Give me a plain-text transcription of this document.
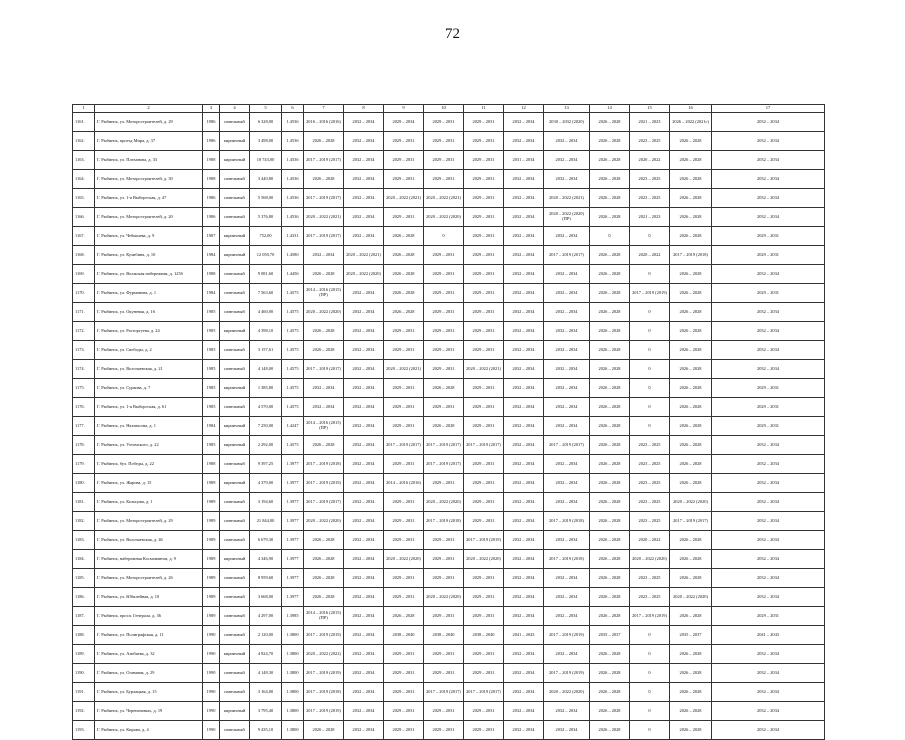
72
1	2	3	4	5	6	7	8	9	10	11	12	13	14	15	16	17
1161.	Г. Рыбинск, ул. Моторостроителей, д. 29	1986	панельный	6 328,00	1.4536	2016 – 2016 (2016)	2032 – 2034	2029 – 2034	2029 – 2031	2029 – 2031	2032 – 2034	2030 – 2032 (2020)	2026 – 2028	2021 – 2023	2026 – 2022 (2021г)	2032 – 2034
1162.	Г. Рыбинск, проезд Мира, д. 37	1986	кирпичный	3 498,00	1.4536	2026 – 2028	2032 – 2034	2029 – 2031	2029 – 2031	2029 – 2031	2032 – 2034	2032 – 2034	2026 – 2028	2023 – 2025	2026 – 2028	2032 – 2034
1163.	Г. Рыбинск, ул. Плеханова, д. 33	1988	кирпичный	10 743,00	1.4536	2017 – 2019 (2017)	2032 – 2034	2029 – 2031	2029 – 2031	2029 – 2031	2031 – 2034	2032 – 2034	2026 – 2028	2020 – 2022	2026 – 2028	2032 – 2034
1164.	Г. Рыбинск, ул. Моторостроителей, д. 30	1988	панельный	3 440,80	1.4536	2026 – 2028	2032 – 2034	2029 – 2031	2029 – 2031	2029 – 2031	2032 – 2034	2032 – 2034	2026 – 2028	2023 – 2025	2026 – 2028	2032 – 2034
1165.	Г. Рыбинск, ул. 1-я Выборгская, д. 47	1986	панельный	5 568,00	1.4536	2017 – 2019 (2017)	2032 – 2034	2020 – 2022 (2021)	2020 – 2022 (2021)	2029 – 2031	2032 – 2034	2020 – 2022 (2021)	2026 – 2028	2023 – 2025	2026 – 2028	2032 – 2034
1166.	Г. Рыбинск, ул. Моторостроителей, д. 20	1986	панельный	5 376,80	1.4536	2020 – 2022 (2021)	2032 – 2034	2029 – 2031	2020 – 2022 (2020)	2029 – 2031	2032 – 2034	2020 – 2022 (2020)(ПР)	2026 – 2028	2021 – 2023	2026 – 2028	2032 – 2034
1167.	Г. Рыбинск, ул. Чебышева, д. 9	1987	кирпичный	752,00	1.4331	2017 – 2019 (2017)	2032 – 2034	2026 – 2028	0	2029 – 2031	2032 – 2034	2032 – 2034	0	0	2026 – 2028	2029 – 2031
1168.	Г. Рыбинск, ул. Кулибина, д. 10	1984	кирпичный	12 050,70	1.4580	2032 – 2034	2020 – 2022 (2021)	2026 – 2028	2029 – 2031	2029 – 2031	2032 – 2034	2017 – 2019 (2017)	2026 – 2028	2020 – 2022	2017 – 2019 (2018)	2029 – 2031
1169.	Г. Рыбинск, ул. Волжская набережная, д. 125б	1988	панельный	9 081,60	1.4456	2026 – 2028	2020 – 2022 (2020)	2026 – 2028	2029 – 2031	2029 – 2031	2032 – 2034	2032 – 2034	2026 – 2028	0	2026 – 2028	2032 – 2034
1170.	Г. Рыбинск, ул. Фурманова, д. 1	1984	панельный	7 563,60	1.4575	2014 – 2016 (2015)(ПР)	2032 – 2034	2026 – 2028	2029 – 2031	2029 – 2031	2032 – 2034	2032 – 2034	2026 – 2028	2017 – 2019 (2019)	2026 – 2028	2029 – 2031
1171.	Г. Рыбинск, ул. Окуневая, д. 16	1985	панельный	4 460,00	1.4575	2020 – 2022 (2020)	2032 – 2034	2026 – 2028	2029 – 2031	2029 – 2031	2032 – 2034	2032 – 2034	2026 – 2028	0	2026 – 2028	2032 – 2034
1172.	Г. Рыбинск, ул. Расторгуева, д. 24	1985	кирпичный	4 398,10	1.4575	2026 – 2028	2032 – 2034	2029 – 2031	2029 – 2031	2029 – 2031	2032 – 2034	2032 – 2034	2026 – 2028	0	2026 – 2028	2032 – 2034
1173.	Г. Рыбинск, ул. Свободы, д. 2	1985	панельный	3 157,61	1.4575	2026 – 2028	2032 – 2034	2029 – 2031	2029 – 2031	2029 – 2031	2032 – 2034	2032 – 2034	2026 – 2028	0	2026 – 2028	2032 – 2034
1174.	Г. Рыбинск, ул. Волочаевская, д. 21	1985	панельный	4 148,00	1.4575	2017 – 2019 (2017)	2032 – 2034	2020 – 2022 (2021)	2029 – 2031	2020 – 2022 (2021)	2032 – 2034	2032 – 2034	2026 – 2028	0	2026 – 2028	2032 – 2034
1175.	Г. Рыбинск, ул. Суркова, д. 7	1985	кирпичный	1 385,80	1.4575	2032 – 2034	2032 – 2034	2029 – 2031	2026 – 2028	2029 – 2031	2032 – 2034	2032 – 2034	2026 – 2028	0	2026 – 2028	2029 – 2031
1176.	Г. Рыбинск, ул. 1-я Выборгская, д. 61	1985	панельный	4 570,00	1.4575	2032 – 2034	2032 – 2034	2029 – 2031	2029 – 2031	2029 – 2031	2032 – 2034	2032 – 2034	2026 – 2028	0	2026 – 2028	2029 – 2031
1177.	Г. Рыбинск, ул. Нахимсона, д. 1	1984	кирпичный	7 250,00	1.4247	2014 – 2016 (2015)(ПР)	2032 – 2034	2029 – 2031	2026 – 2028	2029 – 2031	2032 – 2034	2032 – 2034	2026 – 2028	0	2026 – 2028	2029 – 2031
1178.	Г. Рыбинск, ул. Ухтомского, д. 22	1985	кирпичный	2 292,00	1.4575	2026 – 2028	2032 – 2034	2017 – 2019 (2017)	2017 – 2019 (2017)	2017 – 2019 (2017)	2032 – 2034	2017 – 2019 (2017)	2026 – 2028	2023 – 2025	2026 – 2028	2032 – 2034
1179.	Г. Рыбинск, бул. Победы, д. 22	1988	панельный	9 397,25	1.3977	2017 – 2019 (2018)	2032 – 2034	2029 – 2031	2017 – 2019 (2017)	2029 – 2031	2032 – 2034	2032 – 2034	2026 – 2028	2023 – 2025	2026 – 2028	2032 – 2034
1180.	Г. Рыбинск, ул. Жарова, д. 15	1989	кирпичный	4 379,00	1.3977	2017 – 2019 (2019)	2032 – 2034	2014 – 2016 (2016)	2029 – 2031	2029 – 2031	2032 – 2034	2032 – 2034	2026 – 2028	2023 – 2025	2026 – 2028	2032 – 2034
1181.	Г. Рыбинск, ул. Кольцова, д. 1	1989	панельный	3 194,60	1.3977	2017 – 2019 (2017)	2032 – 2034	2029 – 2031	2020 – 2022 (2020)	2029 – 2031	2032 – 2034	2032 – 2034	2026 – 2028	2023 – 2025	2020 – 2022 (2020)	2032 – 2034
1182.	Г. Рыбинск, ул. Моторостроителей, д. 29	1989	панельный	21 844,00	1.3977	2020 – 2022 (2020)	2032 – 2034	2029 – 2031	2017 – 2019 (2018)	2029 – 2031	2032 – 2034	2017 – 2019 (2018)	2026 – 2028	2023 – 2025	2017 – 2019 (2017)	2032 – 2034
1183.	Г. Рыбинск, ул. Волочаевская, д. 46	1989	панельный	6 679,30	1.3977	2026 – 2028	2032 – 2034	2029 – 2031	2029 – 2031	2017 – 2019 (2019)	2032 – 2034	2032 – 2034	2026 – 2028	2020 – 2022	2026 – 2028	2032 – 2034
1184.	Г. Рыбинск, набережная Космонавтов, д. 9	1989	кирпичный	4 346,90	1.3977	2026 – 2028	2032 – 2034	2020 – 2022 (2020)	2029 – 2031	2020 – 2022 (2020)	2032 – 2034	2017 – 2019 (2018)	2026 – 2028	2020 – 2022 (2020)	2026 – 2028	2032 – 2034
1185.	Г. Рыбинск, ул. Моторостроителей, д. 26	1989	панельный	8 959,60	1.3977	2026 – 2028	2032 – 2034	2029 – 2031	2029 – 2031	2029 – 2031	2032 – 2034	2032 – 2034	2026 – 2028	2023 – 2025	2026 – 2028	2032 – 2034
1186.	Г. Рыбинск, ул. Юбилейная, д. 10	1989	панельный	3 668,00	1.3977	2026 – 2028	2032 – 2034	2029 – 2031	2020 – 2022 (2020)	2029 – 2031	2032 – 2034	2032 – 2034	2026 – 2028	2023 – 2025	2020 – 2022 (2020)	2032 – 2034
1187.	Г. Рыбинск, просп. Генерала, д. 36	1989	панельный	4 297,00	1.3985	2014 – 2016 (2015)(ПР)	2032 – 2034	2026 – 2028	2029 – 2031	2029 – 2031	2032 – 2034	2032 – 2034	2026 – 2028	2017 – 2019 (2019)	2026 – 2028	2029 – 2031
1188.	Г. Рыбинск, ул. Полиграфская, д. 11	1990	панельный	2 120,00	1.3800	2017 – 2019 (2019)	2032 – 2034	2038 – 2040	2038 – 2040	2038 – 2040	2041 – 2043	2017 – 2019 (2019)	2035 – 2037	0	2035 – 2037	2041 – 2043
1189.	Г. Рыбинск, ул. Азибаева, д. 32	1990	кирпичный	4 824,70	1.3800	2020 – 2022 (2022)	2032 – 2034	2029 – 2031	2029 – 2031	2029 – 2031	2032 – 2034	2032 – 2034	2026 – 2028	0	2026 – 2028	2032 – 2034
1190.	Г. Рыбинск, ул. Олимпия, д. 29	1990	панельный	4 148,30	1.3800	2017 – 2019 (2019)	2032 – 2034	2029 – 2031	2029 – 2031	2029 – 2031	2032 – 2034	2017 – 2019 (2019)	2026 – 2028	0	2026 – 2028	2032 – 2034
1191.	Г. Рыбинск, ул. Бурлацкая, д. 15	1990	панельный	3 164,00	1.3800	2017 – 2019 (2018)	2032 – 2034	2029 – 2031	2017 – 2019 (2017)	2017 – 2019 (2017)	2032 – 2034	2020 – 2022 (2020)	2026 – 2028	0	2026 – 2028	2032 – 2034
1192.	Г. Рыбинск, ул. Черепановых, д. 19	1990	кирпичный	3 795,40	1.3800	2017 – 2019 (2019)	2032 – 2034	2029 – 2031	2029 – 2031	2029 – 2031	2032 – 2034	2032 – 2034	2026 – 2028	0	2026 – 2028	2032 – 2034
1193.	Г. Рыбинск, ул. Кирова, д. 4	1990	панельный	9 435,10	1.3800	2026 – 2028	2032 – 2034	2029 – 2031	2029 – 2031	2029 – 2031	2032 – 2034	2032 – 2034	2026 – 2028	0	2026 – 2028	2032 – 2034
